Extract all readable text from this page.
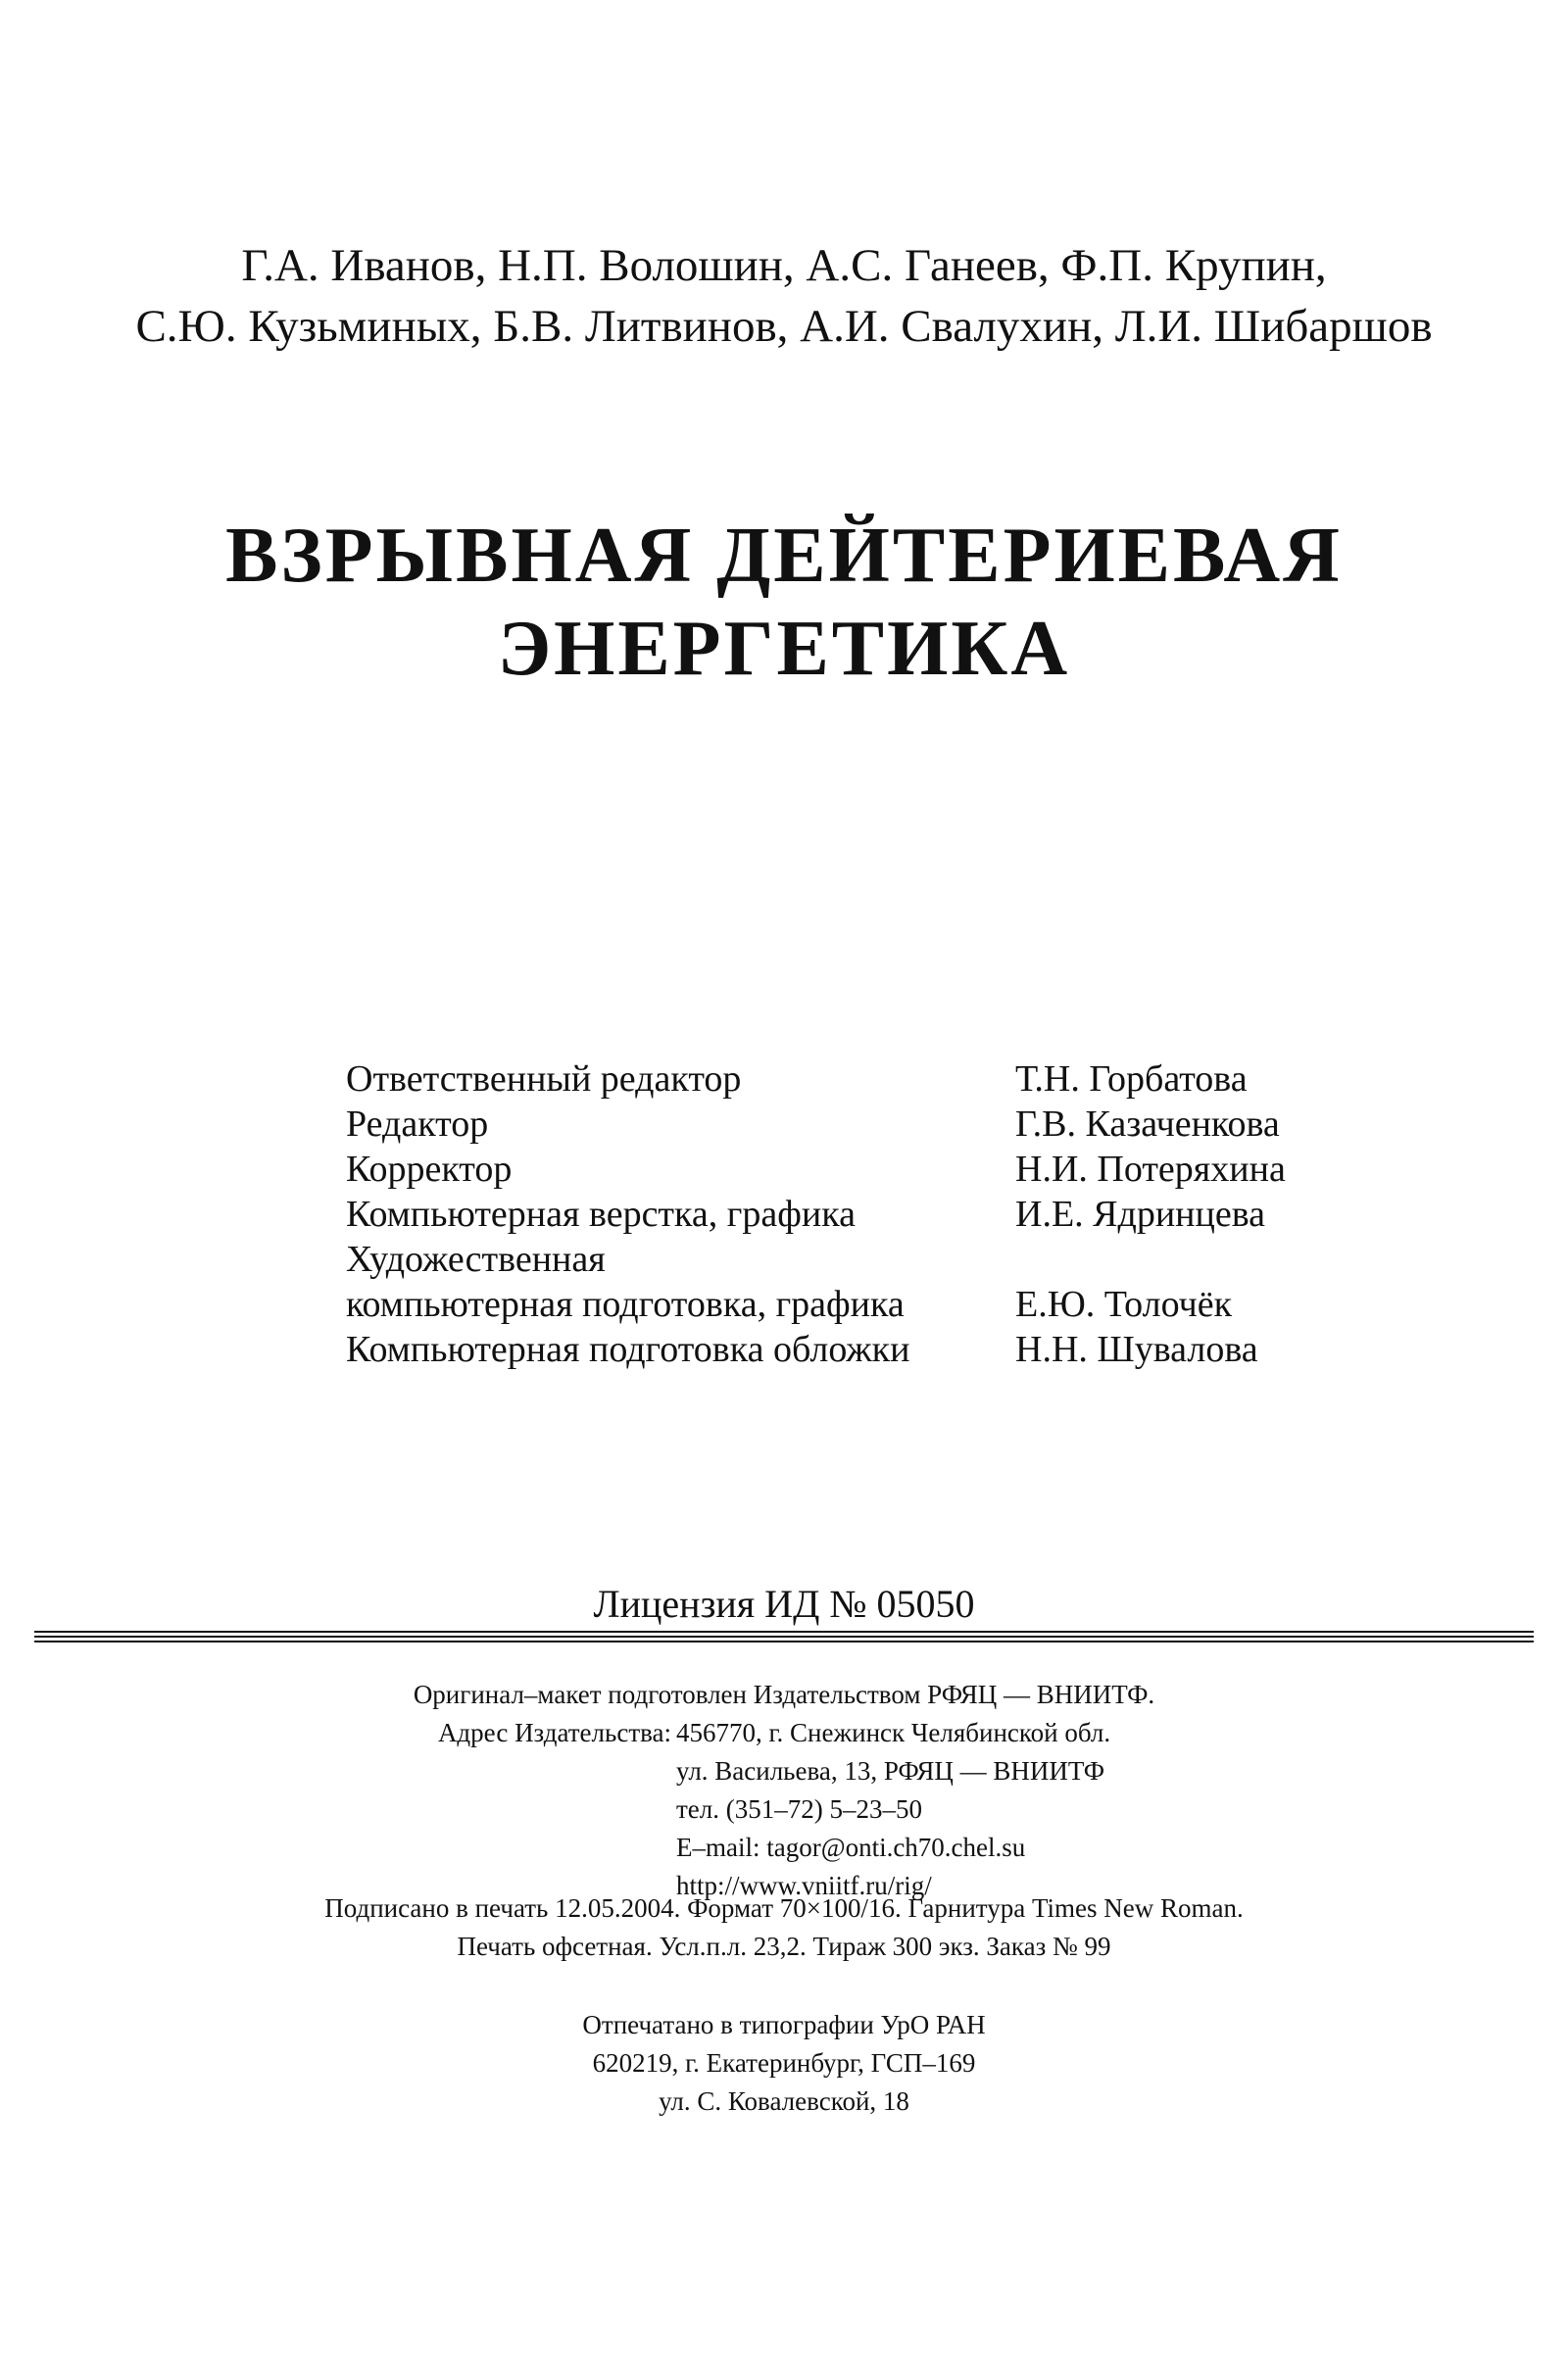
Г.А. Иванов, Н.П. Волошин, А.С. Ганеев, Ф.П. Крупин,
С.Ю. Кузьминых, Б.В. Литвинов, А.И. Свалухин, Л.И. Шибаршов
ВЗРЫВНАЯ ДЕЙТЕРИЕВАЯ
ЭНЕРГЕТИКА
Ответственный редактор	Т.Н. Горбатова
Редактор	Г.В. Казаченкова
Корректор	Н.И. Потеряхина
Компьютерная верстка, графика	И.Е. Ядринцева
Художественная
компьютерная подготовка, графика	Е.Ю. Толочёк
Компьютерная подготовка обложки	Н.Н. Шувалова
Лицензия ИД № 05050
Оригинал–макет подготовлен Издательством РФЯЦ — ВНИИТФ.
Адрес Издательства: 456770, г. Снежинск Челябинской обл.
ул. Васильева, 13, РФЯЦ — ВНИИТФ
тел. (351–72) 5–23–50
E–mail: tagor@onti.ch70.chel.su
http://www.vniitf.ru/rig/
Подписано в печать 12.05.2004. Формат 70×100/16. Гарнитура Times New Roman.
Печать офсетная. Усл.п.л. 23,2. Тираж 300 экз. Заказ № 99
Отпечатано в типографии УрО РАН
620219, г. Екатеринбург, ГСП–169
ул. С. Ковалевской, 18
